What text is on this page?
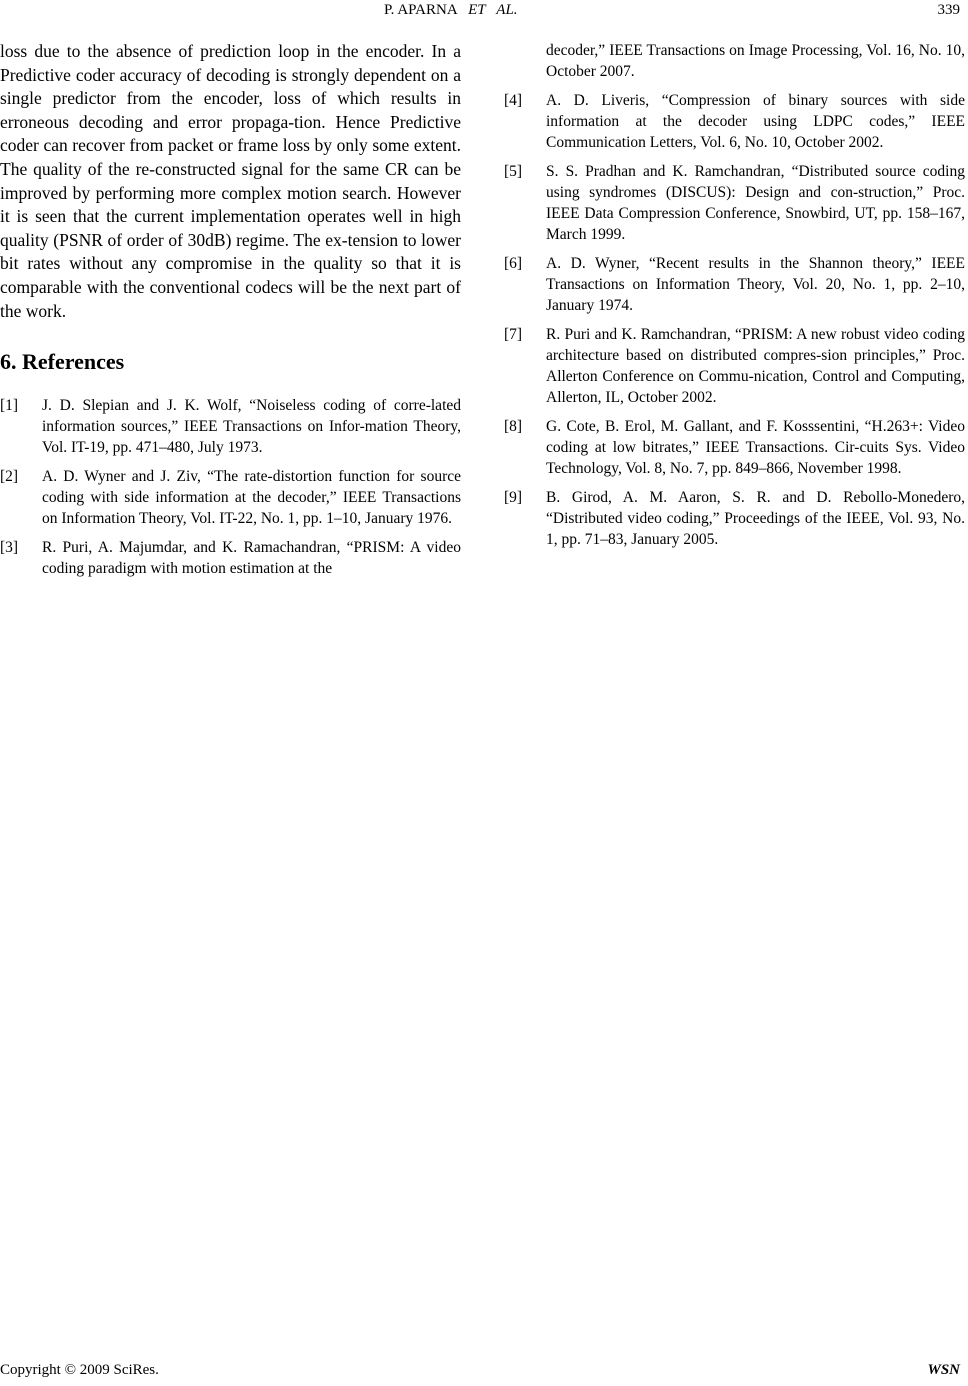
P. APARNA ET   AL.	339

loss due to the absence of prediction loop in the encoder. In a Predictive coder accuracy of decoding is strongly dependent on a single predictor from the encoder, loss of which results in erroneous decoding and error propaga-tion. Hence Predictive coder can recover from packet or frame loss by only some extent. The quality of the re-constructed signal for the same CR can be improved by performing more complex motion search. However it is seen that the current implementation operates well in high quality (PSNR of order of 30dB) regime. The ex-tension to lower bit rates without any compromise in the quality so that it is comparable with the conventional codecs will be the next part of the work.

6. References
[1] J. D. Slepian and J. K. Wolf, “Noiseless coding of corre-lated information sources,” IEEE Transactions on Infor-mation Theory, Vol. IT-19, pp. 471–480, July 1973.
[2] A. D. Wyner and J. Ziv, “The rate-distortion function for source coding with side information at the decoder,” IEEE Transactions on Information Theory, Vol. IT-22, No. 1, pp. 1–10, January 1976.
[3] R. Puri, A. Majumdar, and K. Ramachandran, “PRISM: A video coding paradigm with motion estimation at the
decoder,” IEEE Transactions on Image Processing, Vol. 16, No. 10, October 2007.
[4] A. D. Liveris, “Compression of binary sources with side information at the decoder using LDPC codes,” IEEE Communication Letters, Vol. 6, No. 10, October 2002.
[5] S. S. Pradhan and K. Ramchandran, “Distributed source coding using syndromes (DISCUS): Design and con-struction,” Proc. IEEE Data Compression Conference, Snowbird, UT, pp. 158–167, March 1999.
[6] A. D. Wyner, “Recent results in the Shannon theory,” IEEE Transactions on Information Theory, Vol. 20, No. 1, pp. 2–10, January 1974.
[7] R. Puri and K. Ramchandran, “PRISM: A new robust video coding architecture based on distributed compres-sion principles,” Proc. Allerton Conference on Commu-nication, Control and Computing, Allerton, IL, October 2002.
[8] G. Cote, B. Erol, M. Gallant, and F. Kosssentini, “H.263+: Video coding at low bitrates,” IEEE Transactions. Cir-cuits Sys. Video Technology, Vol. 8, No. 7, pp. 849–866, November 1998.
[9] B. Girod, A. M. Aaron, S. R. and D. Rebollo-Monedero, “Distributed video coding,” Proceedings of the IEEE, Vol. 93, No. 1, pp. 71–83, January 2005.
Copyright © 2009 SciRes.	WSN
